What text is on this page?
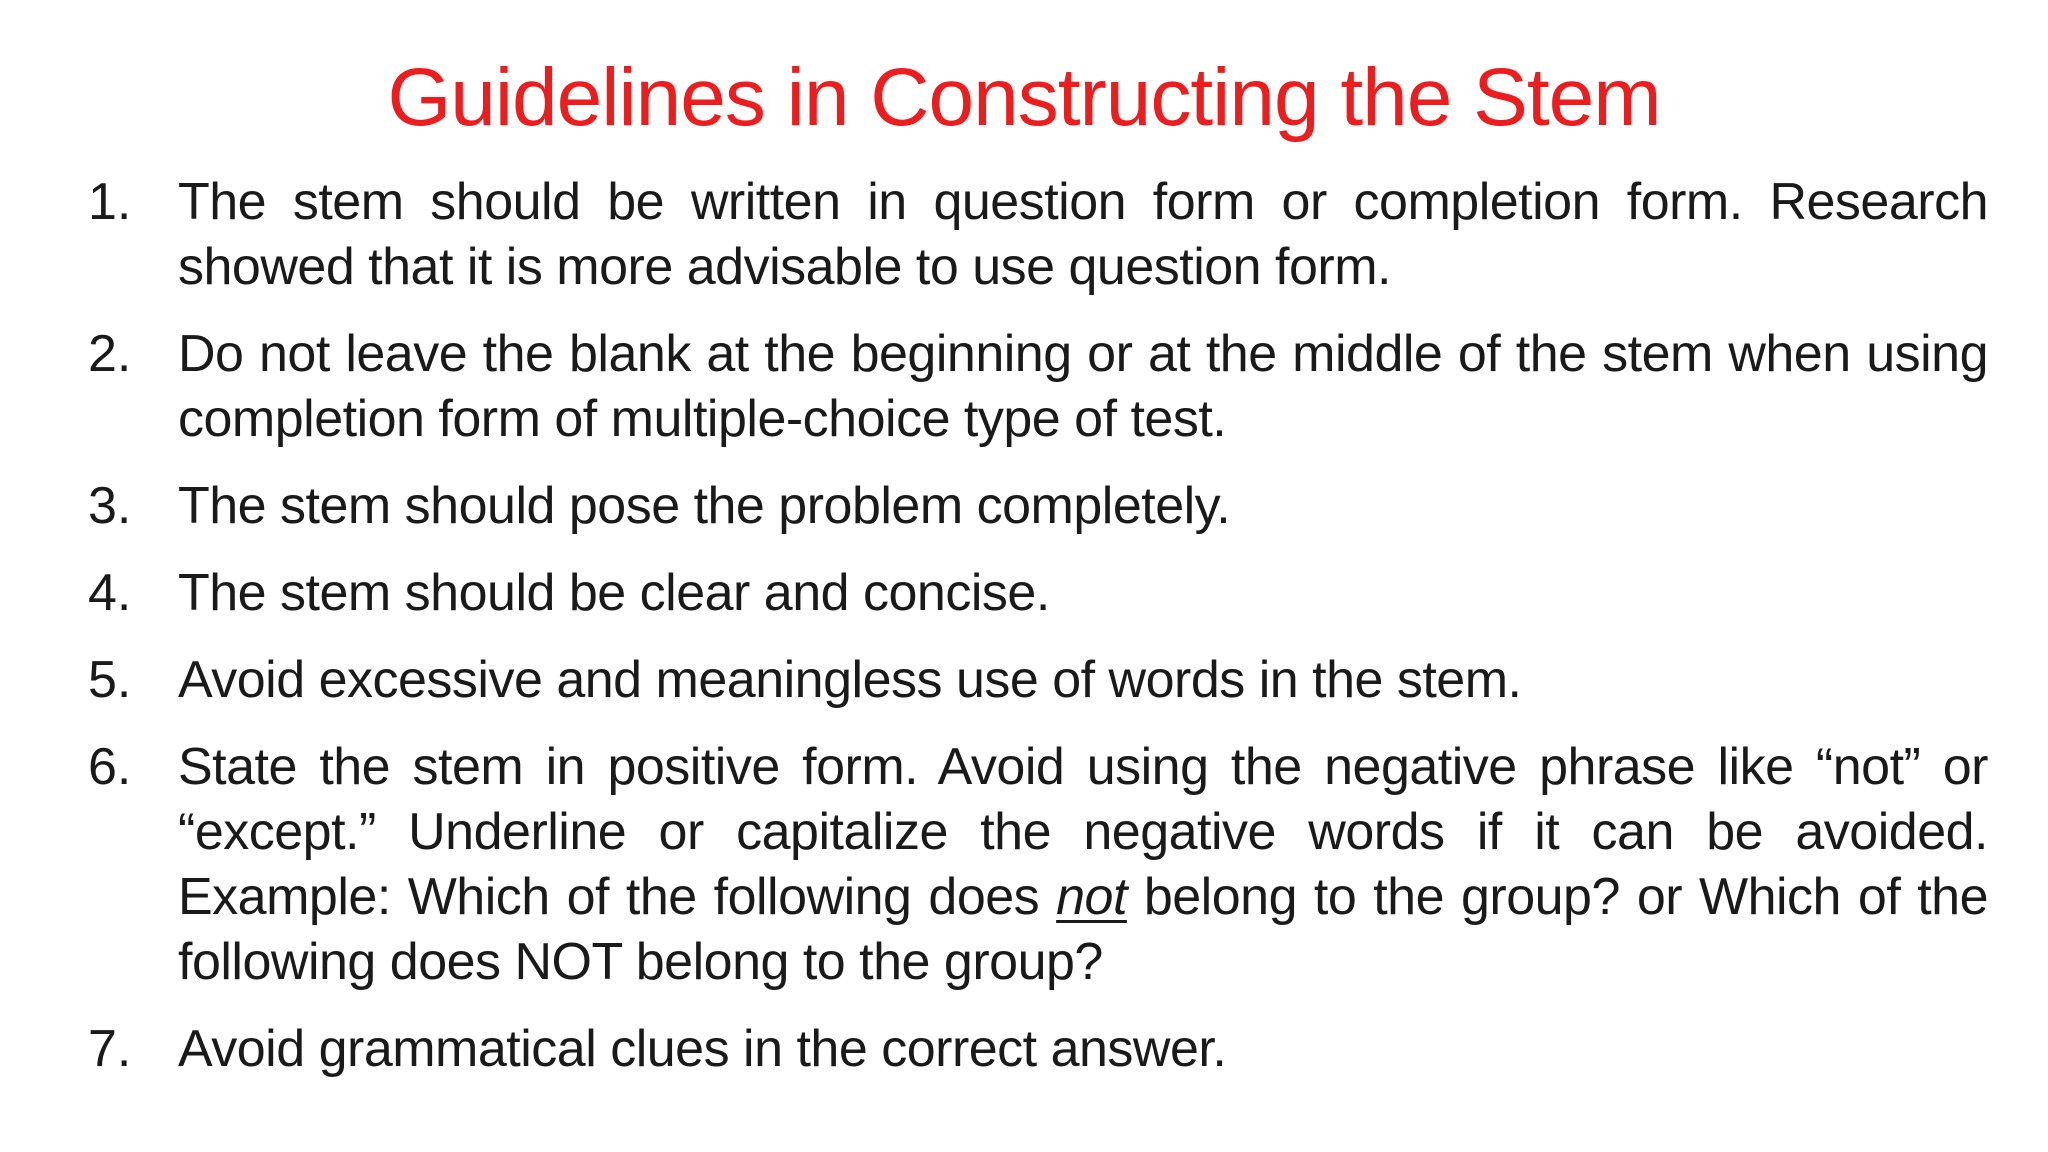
Guidelines in Constructing the Stem
1. The stem should be written in question form or completion form. Research showed that it is more advisable to use question form.
2. Do not leave the blank at the beginning or at the middle of the stem when using completion form of multiple-choice type of test.
3. The stem should pose the problem completely.
4. The stem should be clear and concise.
5. Avoid excessive and meaningless use of words in the stem.
6. State the stem in positive form. Avoid using the negative phrase like “not” or “except.” Underline or capitalize the negative words if it can be avoided. Example: Which of the following does not belong to the group? or Which of the following does NOT belong to the group?
7. Avoid grammatical clues in the correct answer.
